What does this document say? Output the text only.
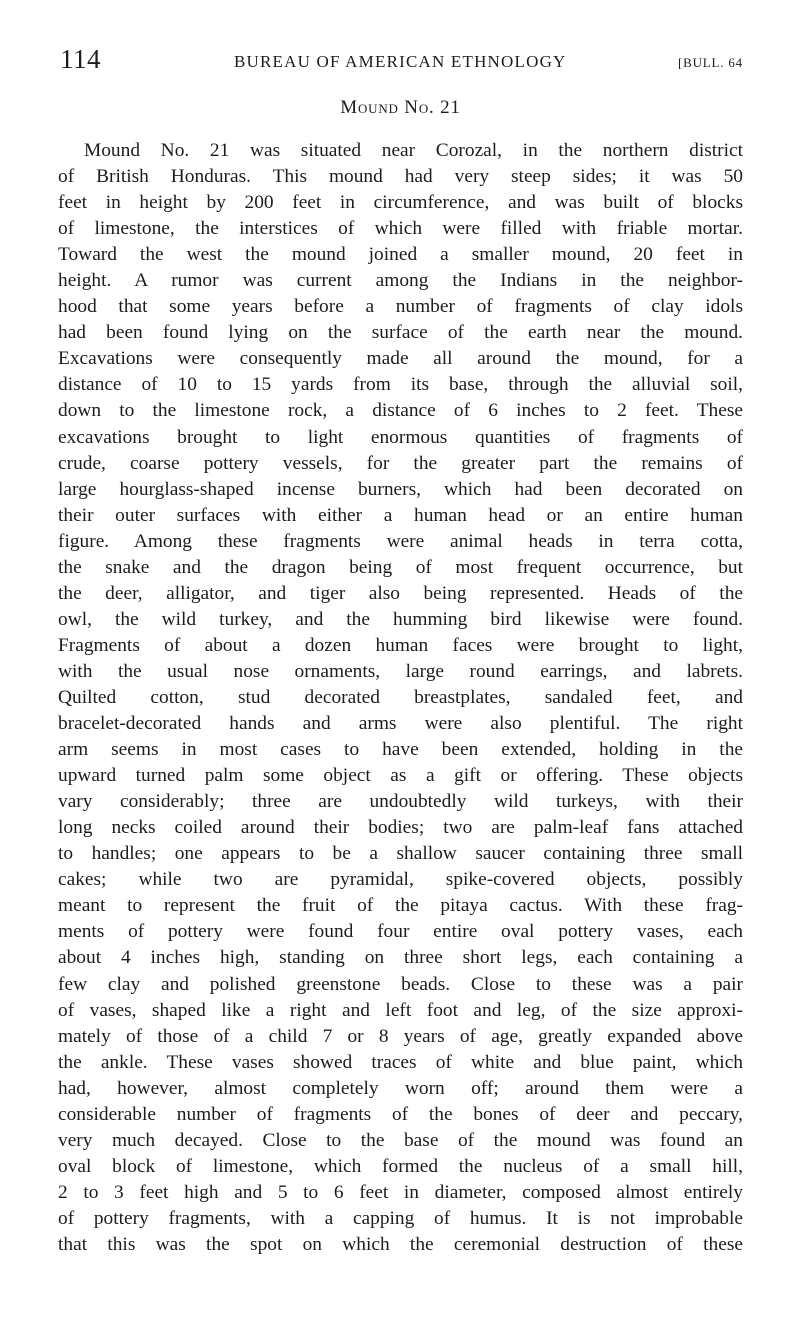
114	BUREAU OF AMERICAN ETHNOLOGY	[BULL. 64
Mound No. 21
Mound No. 21 was situated near Corozal, in the northern district
of British Honduras. This mound had very steep sides; it was 50
feet in height by 200 feet in circumference, and was built of blocks
of limestone, the interstices of which were filled with friable mortar.
Toward the west the mound joined a smaller mound, 20 feet in
height. A rumor was current among the Indians in the neighbor-
hood that some years before a number of fragments of clay idols
had been found lying on the surface of the earth near the mound.
Excavations were consequently made all around the mound, for a
distance of 10 to 15 yards from its base, through the alluvial soil,
down to the limestone rock, a distance of 6 inches to 2 feet. These
excavations brought to light enormous quantities of fragments of
crude, coarse pottery vessels, for the greater part the remains of
large hourglass-shaped incense burners, which had been decorated on
their outer surfaces with either a human head or an entire human
figure. Among these fragments were animal heads in terra cotta,
the snake and the dragon being of most frequent occurrence, but
the deer, alligator, and tiger also being represented. Heads of the
owl, the wild turkey, and the humming bird likewise were found.
Fragments of about a dozen human faces were brought to light,
with the usual nose ornaments, large round earrings, and labrets.
Quilted cotton, stud decorated breastplates, sandaled feet, and
bracelet-decorated hands and arms were also plentiful. The right
arm seems in most cases to have been extended, holding in the
upward turned palm some object as a gift or offering. These objects
vary considerably; three are undoubtedly wild turkeys, with their
long necks coiled around their bodies; two are palm-leaf fans attached
to handles; one appears to be a shallow saucer containing three small
cakes; while two are pyramidal, spike-covered objects, possibly
meant to represent the fruit of the pitaya cactus. With these frag-
ments of pottery were found four entire oval pottery vases, each
about 4 inches high, standing on three short legs, each containing a
few clay and polished greenstone beads. Close to these was a pair
of vases, shaped like a right and left foot and leg, of the size approxi-
mately of those of a child 7 or 8 years of age, greatly expanded above
the ankle. These vases showed traces of white and blue paint, which
had, however, almost completely worn off; around them were a
considerable number of fragments of the bones of deer and peccary,
very much decayed. Close to the base of the mound was found an
oval block of limestone, which formed the nucleus of a small hill,
2 to 3 feet high and 5 to 6 feet in diameter, composed almost entirely
of pottery fragments, with a capping of humus. It is not improbable
that this was the spot on which the ceremonial destruction of these
